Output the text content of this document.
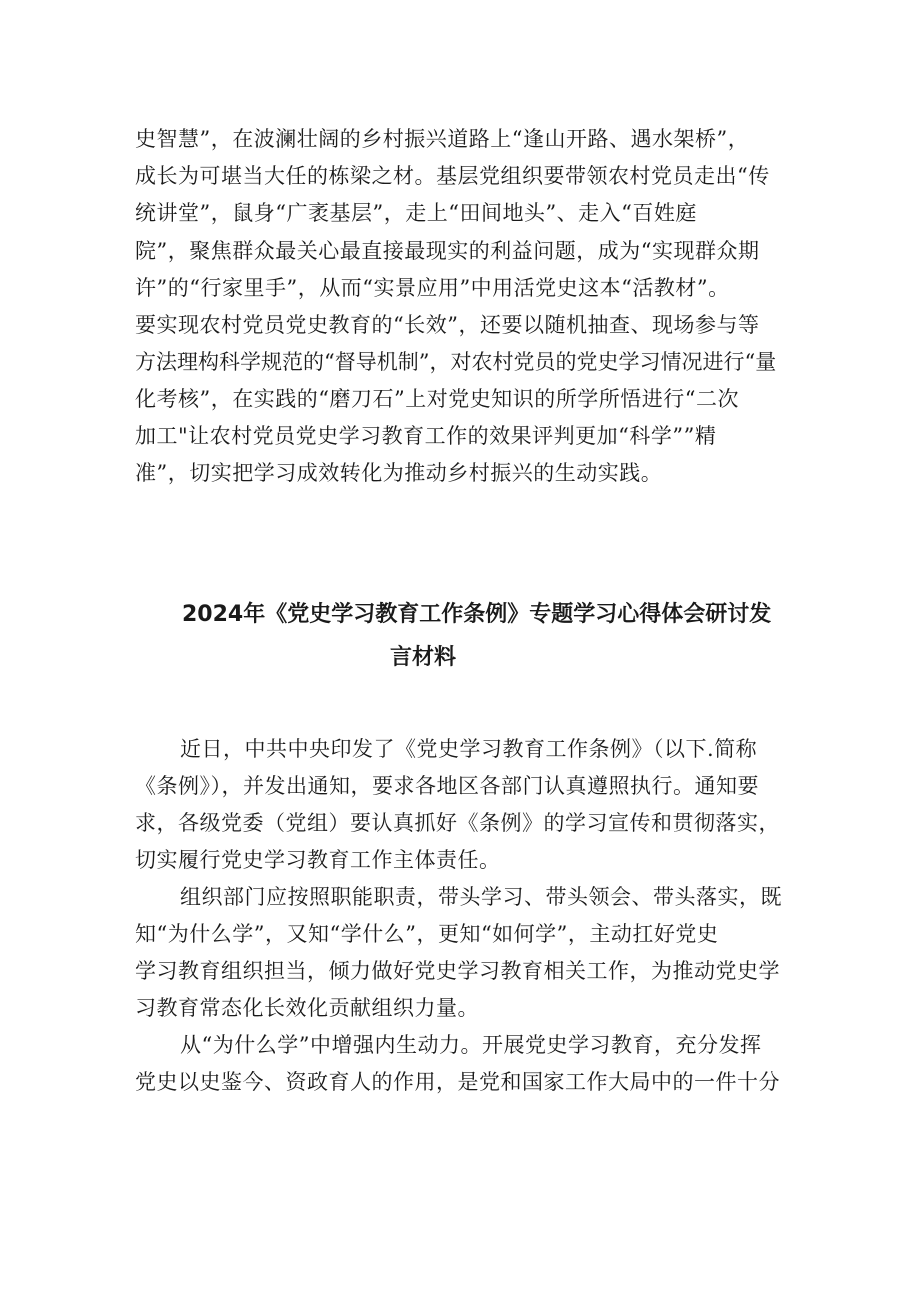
史智慧”，在波澜壮阔的乡村振兴道路上“逢山开路、遇水架桥”，
成长为可堪当大任的栋梁之材。基层党组织要带领农村党员走出“传
统讲堂”，鼠身“广袤基层”，走上“田间地头”、走入“百姓庭
院”，聚焦群众最关心最直接最现实的利益问题，成为“实现群众期
许”的“行家里手”，从而“实景应用”中用活党史这本“活教材”。
要实现农村党员党史教育的“长效”，还要以随机抽查、现场参与等
方法理构科学规范的“督导机制”，对农村党员的党史学习情况进行“量
化考核”，在实践的“磨刀石”上对党史知识的所学所悟进行“二次
加工"让农村党员党史学习教育工作的效果评判更加“科学””精
准”，切实把学习成效转化为推动乡村振兴的生动实践。
2024年《党史学习教育工作条例》专题学习心得体会研讨发
言材料
近日，中共中央印发了《党史学习教育工作条例》（以下.简称
《条例》），并发出通知，要求各地区各部门认真遵照执行。通知要
求，各级党委（党组）要认真抓好《条例》的学习宣传和贯彻落实，
切实履行党史学习教育工作主体责任。
组织部门应按照职能职责，带头学习、带头领会、带头落实，既
知“为什么学”，又知“学什么”，更知“如何学”，主动扛好党史
学习教育组织担当，倾力做好党史学习教育相关工作，为推动党史学
习教育常态化长效化贡献组织力量。
从“为什么学”中增强内生动力。开展党史学习教育，充分发挥
党史以史鉴今、资政育人的作用，是党和国家工作大局中的一件十分
